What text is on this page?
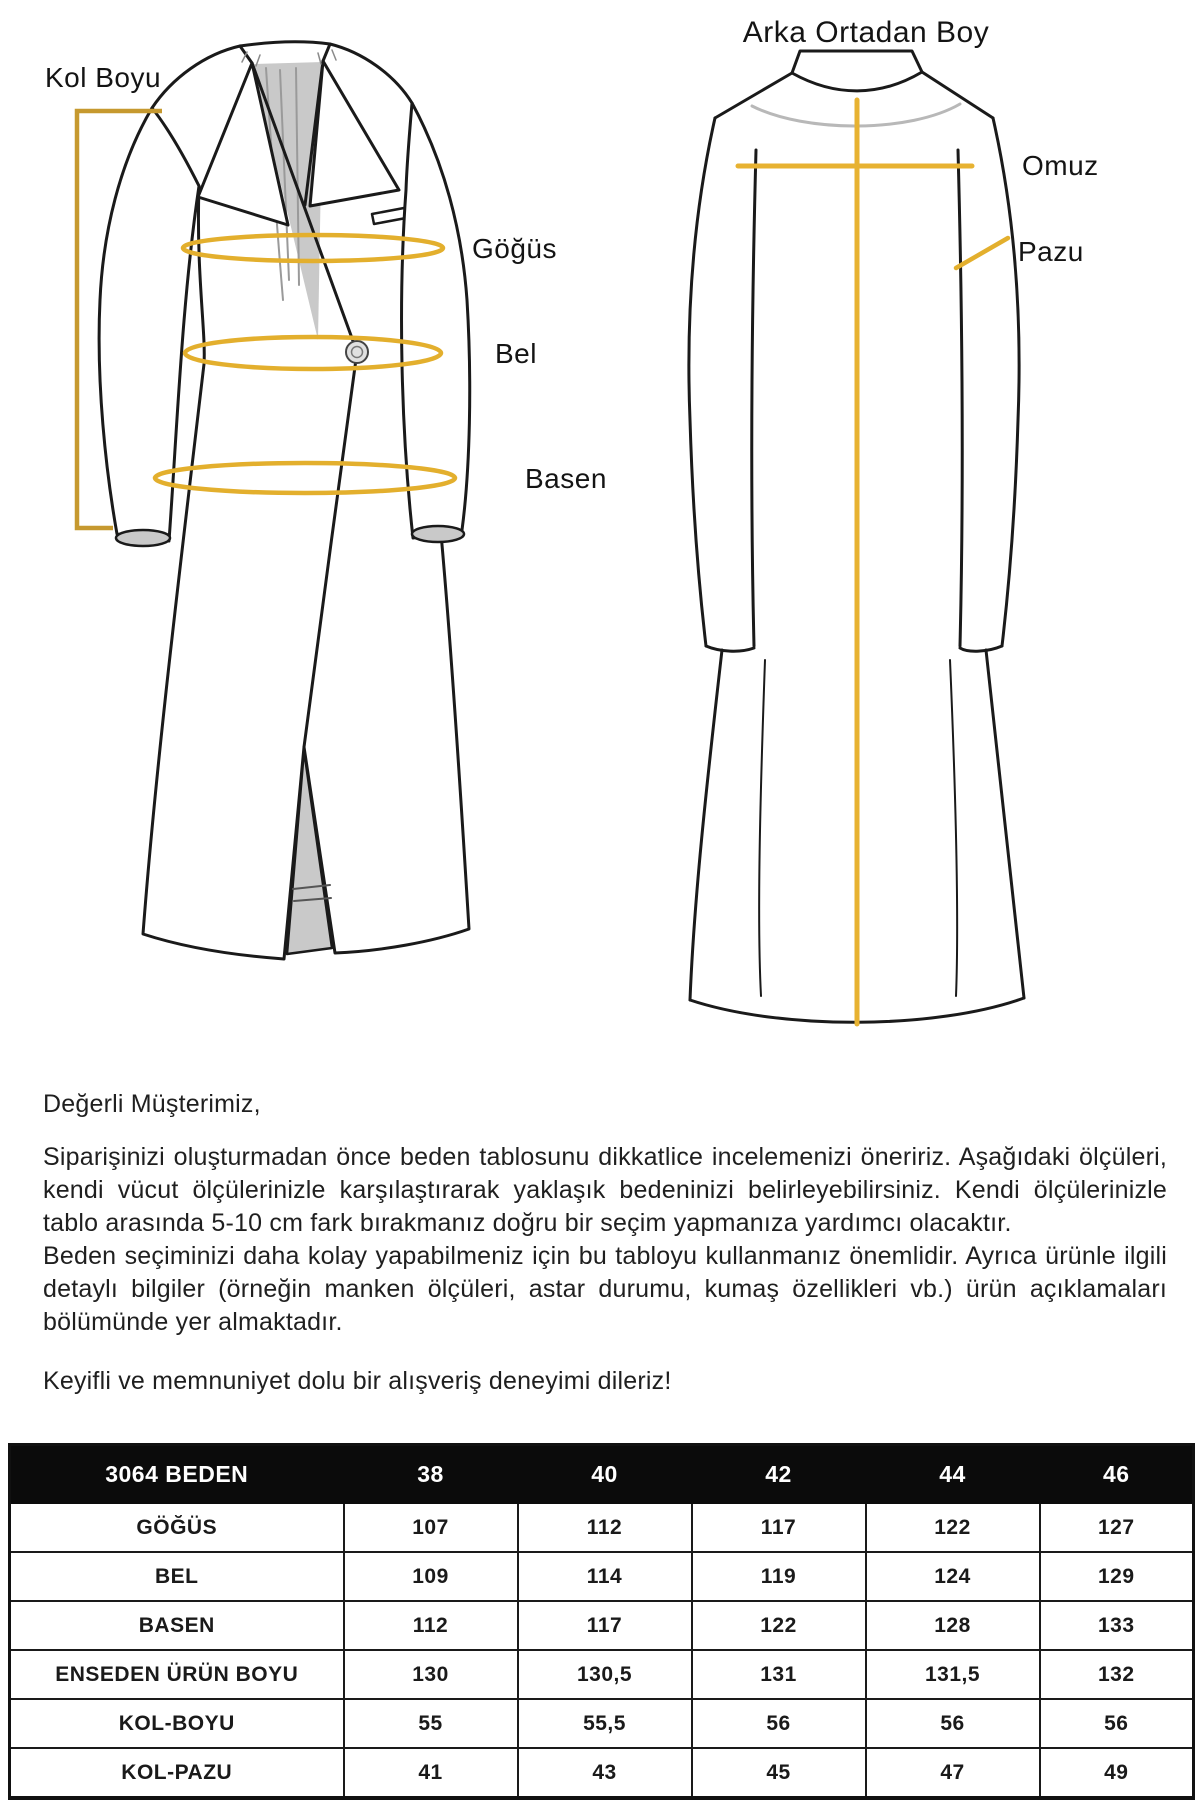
Kol Boyu
Göğüs
Bel
Basen
Arka Ortadan Boy
Omuz
Pazu

Değerli Müşterimiz,

Siparişinizi oluşturmadan önce beden tablosunu dikkatlice incelemenizi öneririz. Aşağıdaki ölçüleri, kendi vücut ölçülerinizle karşılaştırarak yaklaşık bedeninizi belirleyebilirsiniz. Kendi ölçülerinizle tablo arasında 5-10 cm fark bırakmanız doğru bir seçim yapmanıza yardımcı olacaktır.

Beden seçiminizi daha kolay yapabilmeniz için bu tabloyu kullanmanız önemlidir. Ayrıca ürünle ilgili detaylı bilgiler (örneğin manken ölçüleri, astar durumu, kumaş özellikleri vb.) ürün açıklamaları bölümünde yer almaktadır.

Keyifli ve memnuniyet dolu bir alışveriş deneyimi dileriz!

3064 BEDEN	38	40	42	44	46
GÖĞÜS	107	112	117	122	127
BEL	109	114	119	124	129
BASEN	112	117	122	128	133
ENSEDEN ÜRÜN BOYU	130	130,5	131	131,5	132
KOL-BOYU	55	55,5	56	56	56
KOL-PAZU	41	43	45	47	49
